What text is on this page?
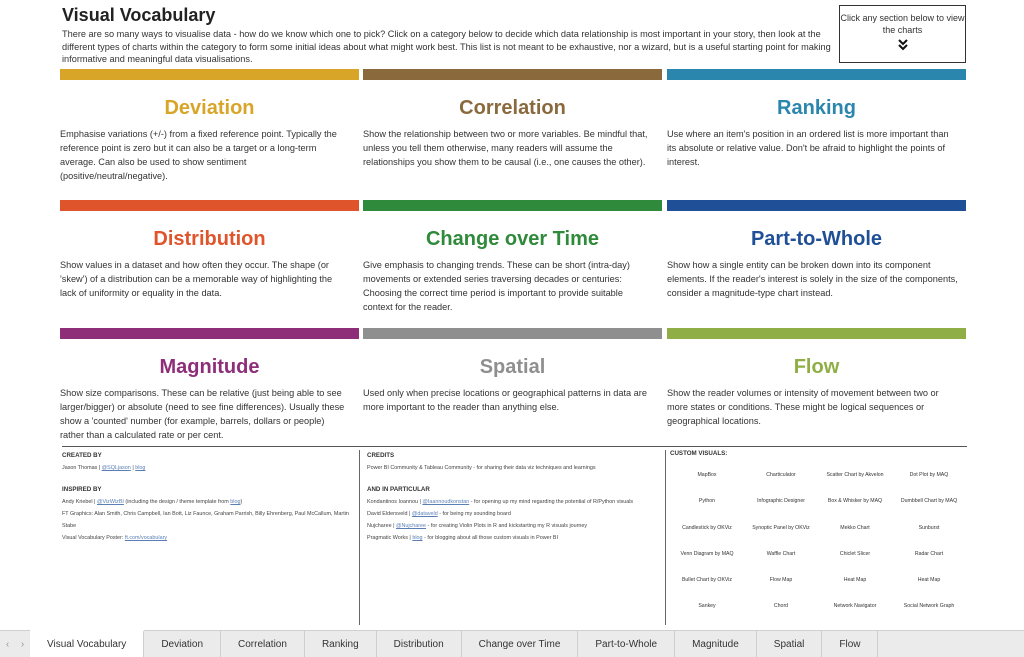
Visual Vocabulary
There are so many ways to visualise data - how do we know which one to pick? Click on a category below to decide which data relationship is most important in your story, then look at the different types of charts within the category to form some initial ideas about what might work best. This list is not meant to be exhaustive, nor a wizard, but is a useful starting point for making informative and meaningful data visualisations.
Click any section below to view the charts
Deviation
Emphasise variations (+/-) from a fixed reference point. Typically the reference point is zero but it can also be a target or a long-term average. Can also be used to show sentiment (positive/neutral/negative).
Correlation
Show the relationship between two or more variables. Be mindful that, unless you tell them otherwise, many readers will assume the relationships you show them to be causal (i.e., one causes the other).
Ranking
Use where an item's position in an ordered list is more important than its absolute or relative value. Don't be afraid to highlight the points of interest.
Distribution
Show values in a dataset and how often they occur. The shape (or 'skew') of a distribution can be a memorable way of highlighting the lack of uniformity or equality in the data.
Change over Time
Give emphasis to changing trends. These can be short (intra-day) movements or extended series traversing decades or centuries: Choosing the correct time period is important to provide suitable context for the reader.
Part-to-Whole
Show how a single entity can be broken down into its component elements. If the reader's interest is solely in the size of the components, consider a magnitude-type chart instead.
Magnitude
Show size comparisons. These can be relative (just being able to see larger/bigger) or absolute (need to see fine differences). Usually these show a 'counted' number (for example, barrels, dollars or people) rather than a calculated rate or per cent.
Spatial
Used only when precise locations or geographical patterns in data are more important to the reader than anything else.
Flow
Show the reader volumes or intensity of movement between two or more states or conditions. These might be logical sequences or geographical locations.
CREATED BY
Jason Thomas | @SQLjason | blog
INSPIRED BY
Andy Kriebel | @VizWizBI (including the design / theme template from blog)
FT Graphics: Alan Smith, Chris Campbell, Ian Bott, Liz Faunce, Graham Parrish, Billy Ehrenberg, Paul McCallum, Martin Stabe
Visual Vocabulary Poster: ft.com/vocabulary
CREDITS
Power BI Community & Tableau Community - for sharing their data viz techniques and learnings
AND IN PARTICULAR
Kondantinos Ioannou | @Iaannoudkonstan - for opening up my mind regarding the potential of R/Python visuals
David Eldersveld | @dataveld - for being my sounding board
Nujcharee | @Nujcharee - for creating Violin Plots in R and kickstarting my R visuals journey
Pragmatic Works | blog - for blogging about all those custom visuals in Power BI
CUSTOM VISUALS:
MapBox	Charticulator	Scatter Chart by Akvelon	Dot Plot by MAQ
Python	Infographic Designer	Box & Whisker by MAQ	Dumbbell Chart by MAQ
Candlestick by OKViz	Synoptic Panel by OKViz	Mekko Chart	Sunburst
Venn Diagram by MAQ	Waffle Chart	Chiclet Slicer	Radar Chart
Bullet Chart by OKViz	Flow Map	Heat Map	Heat Map
Sankey	Chord	Network Navigator	Social Network Graph
‹ ›	Visual Vocabulary	Deviation	Correlation	Ranking	Distribution	Change over Time	Part-to-Whole	Magnitude	Spatial	Flow
